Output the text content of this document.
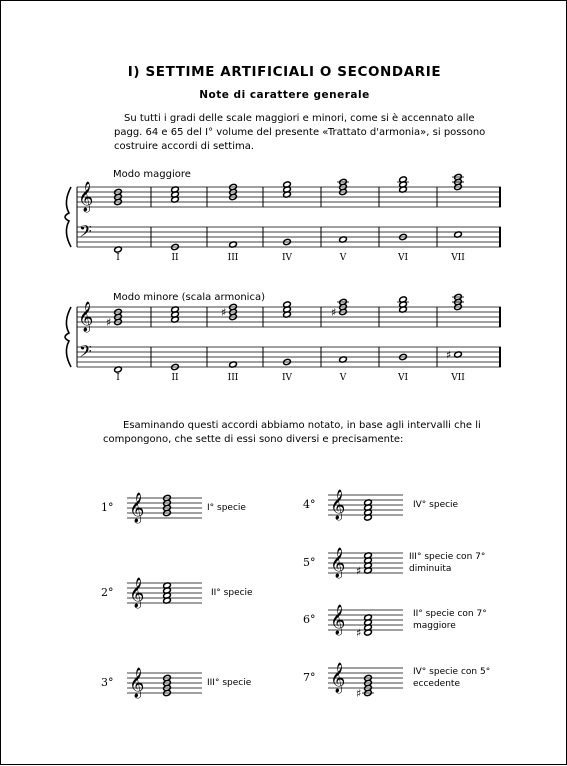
I) SETTIME ARTIFICIALI O SECONDARIE
Note di carattere generale
Su tutti i gradi delle scale maggiori e minori, come si è accennato alle pagg. 64 e 65 del I° volume del presente «Trattato d'armonia», si possono costruire accordi di settima.
𝄞
𝄢
𝄞
𝄢
♯
♯	♯
♯
𝄞
𝄞
𝄞
𝄞
𝄞 ♯
𝄞 ♯
𝄞
♯
Modo maggiore
Modo minore (scala armonica)
I	II	III	IV	V	VI	VII
I	II	III	IV	V	VI	VII
Esaminando questi accordi abbiamo notato, in base agli intervalli che li compongono, che sette di essi sono diversi e precisamente:
1°	I° specie
2°	II° specie
3°	III° specie
4°	IV° specie
5°	III° specie con 7° diminuita
6°	II° specie con 7° maggiore
7°	IV° specie con 5° eccedente
